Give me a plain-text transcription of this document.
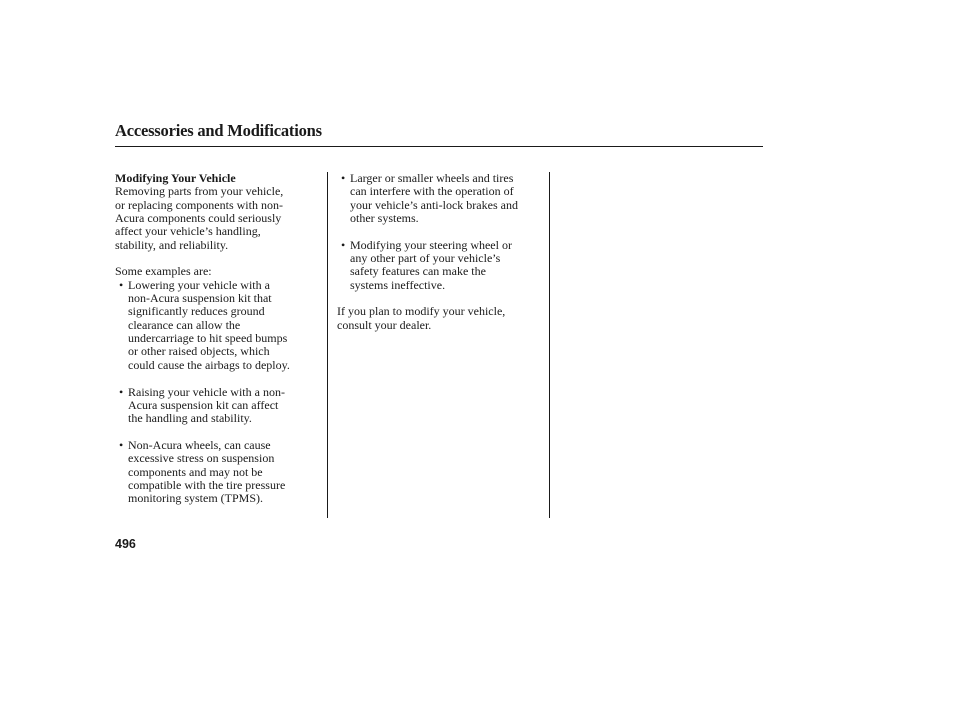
Accessories and Modifications

Modifying Your Vehicle

Removing parts from your vehicle,

or replacing components with non-

Acura components could seriously

affect your vehicle’s handling,

stability, and reliability.

Some examples are:

• Lowering your vehicle with a

non-Acura suspension kit that

significantly reduces ground

clearance can allow the

undercarriage to hit speed bumps

or other raised objects, which

could cause the airbags to deploy.

• Raising your vehicle with a non-

Acura suspension kit can affect

the handling and stability.

• Non-Acura wheels, can cause

excessive stress on suspension

components and may not be

compatible with the tire pressure

monitoring system (TPMS).

• Larger or smaller wheels and tires

can interfere with the operation of

your vehicle’s anti-lock brakes and

other systems.

• Modifying your steering wheel or

any other part of your vehicle’s

safety features can make the

systems ineffective.

If you plan to modify your vehicle,

consult your dealer.

496
